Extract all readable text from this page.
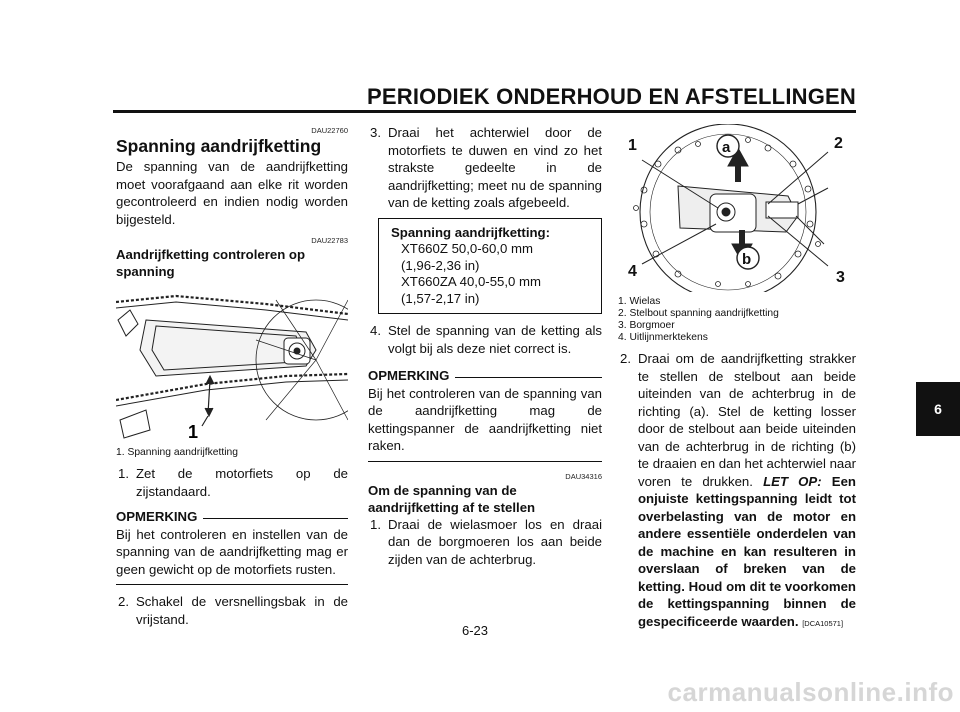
PERIODIEK ONDERHOUD EN AFSTELLINGEN
6
DAU22760
Spanning aandrijfketting

De spanning van de aandrijfketting moet voorafgaand aan elke rit worden gecontroleerd en indien nodig worden bijgesteld.

DAU22783
Aandrijfketting controleren op spanning
1
1. Spanning aandrijfketting
1. Zet de motorfiets op de zijstandaard.
OPMERKING

Bij het controleren en instellen van de spanning van de aandrijfketting mag er geen gewicht op de motorfiets rusten.

2. Schakel de versnellingsbak in de vrijstand.
3. Draai het achterwiel door de motorfiets te duwen en vind zo het strakste gedeelte in de aandrijfketting; meet nu de spanning van de ketting zoals afgebeeld.
Spanning aandrijfketting:
XT660Z 50,0-60,0 mm
(1,96-2,36 in)
XT660ZA 40,0-55,0 mm
(1,57-2,17 in)
4. Stel de spanning van de ketting als volgt bij als deze niet correct is.
OPMERKING

Bij het controleren van de spanning van de aandrijfketting mag de kettingspanner de aandrijfketting niet raken.

DAU34316
Om de spanning van de aandrijfketting af te stellen
1. Draai de wielasmoer los en draai dan de borgmoeren los aan beide zijden van de achterbrug.
1	2
3
4
a
b
1. Wielas
2. Stelbout spanning aandrijfketting
3. Borgmoer
4. Uitlijnmerktekens
2. Draai om de aandrijfketting strakker te stellen de stelbout aan beide uiteinden van de achterbrug in de richting (a). Stel de ketting losser door de stelbout aan beide uiteinden van de achterbrug in de richting (b) te draaien en dan het achterwiel naar voren te drukken. LET OP: Een onjuiste kettingspanning leidt tot overbelasting van de motor en andere essentiële onderdelen van de machine en kan resulteren in overslaan of breken van de ketting. Houd om dit te voorkomen de kettingspanning binnen de gespecificeerde waarden. [DCA10571]
6-23
carmanualsonline.info
